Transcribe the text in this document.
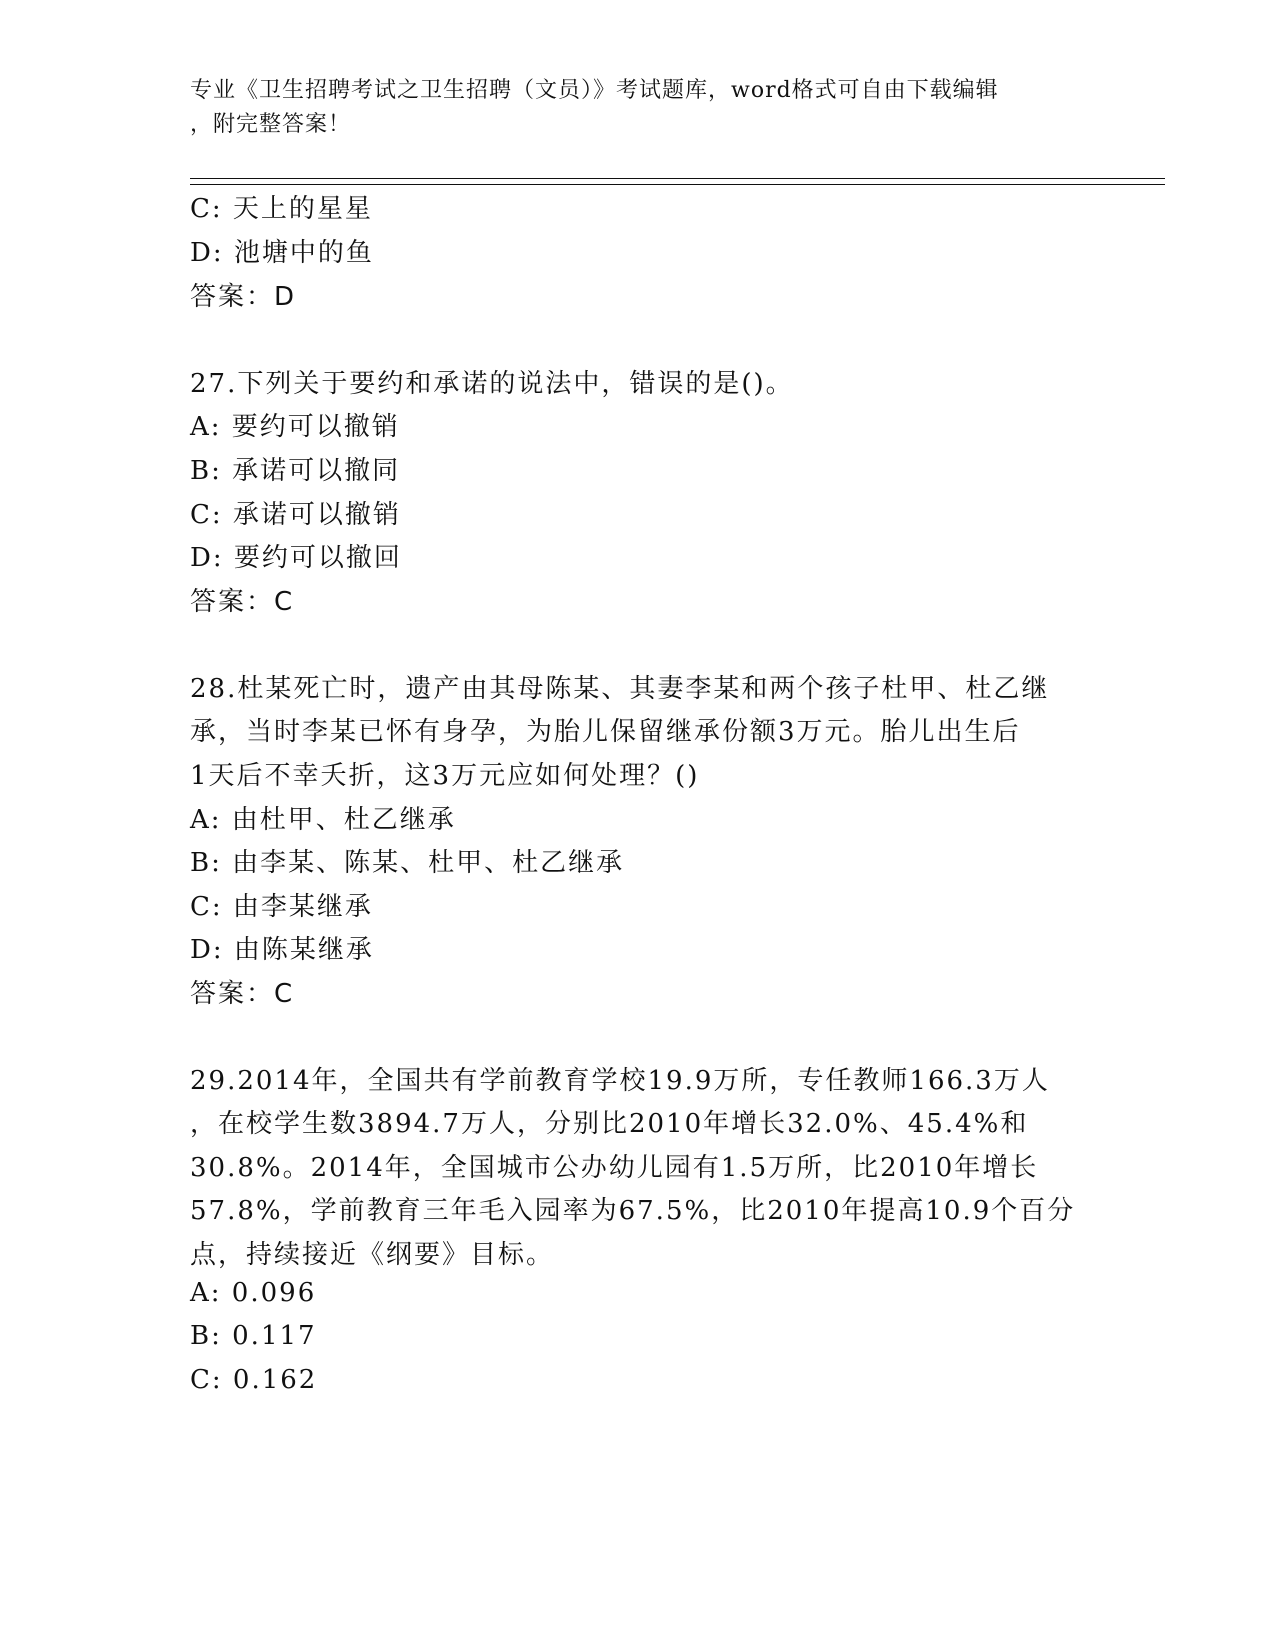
专业《卫生招聘考试之卫生招聘（文员）》考试题库，word格式可自由下载编辑
，附完整答案！
C: 天上的星星
D: 池塘中的鱼
答案：D
27.下列关于要约和承诺的说法中，错误的是()。
A: 要约可以撤销
B: 承诺可以撤同
C: 承诺可以撤销
D: 要约可以撤回
答案：C
28.杜某死亡时，遗产由其母陈某、其妻李某和两个孩子杜甲、杜乙继
承，当时李某已怀有身孕，为胎儿保留继承份额3万元。胎儿出生后
1天后不幸夭折，这3万元应如何处理？()
A: 由杜甲、杜乙继承
B: 由李某、陈某、杜甲、杜乙继承
C: 由李某继承
D: 由陈某继承
答案：C
29.2014年，全国共有学前教育学校19.9万所，专任教师166.3万人
，在校学生数3894.7万人，分别比2010年增长32.0%、45.4%和
30.8%。2014年，全国城市公办幼儿园有1.5万所，比2010年增长
57.8%，学前教育三年毛入园率为67.5%，比2010年提高10.9个百分
点，持续接近《纲要》目标。
A: 0.096
B: 0.117
C: 0.162
